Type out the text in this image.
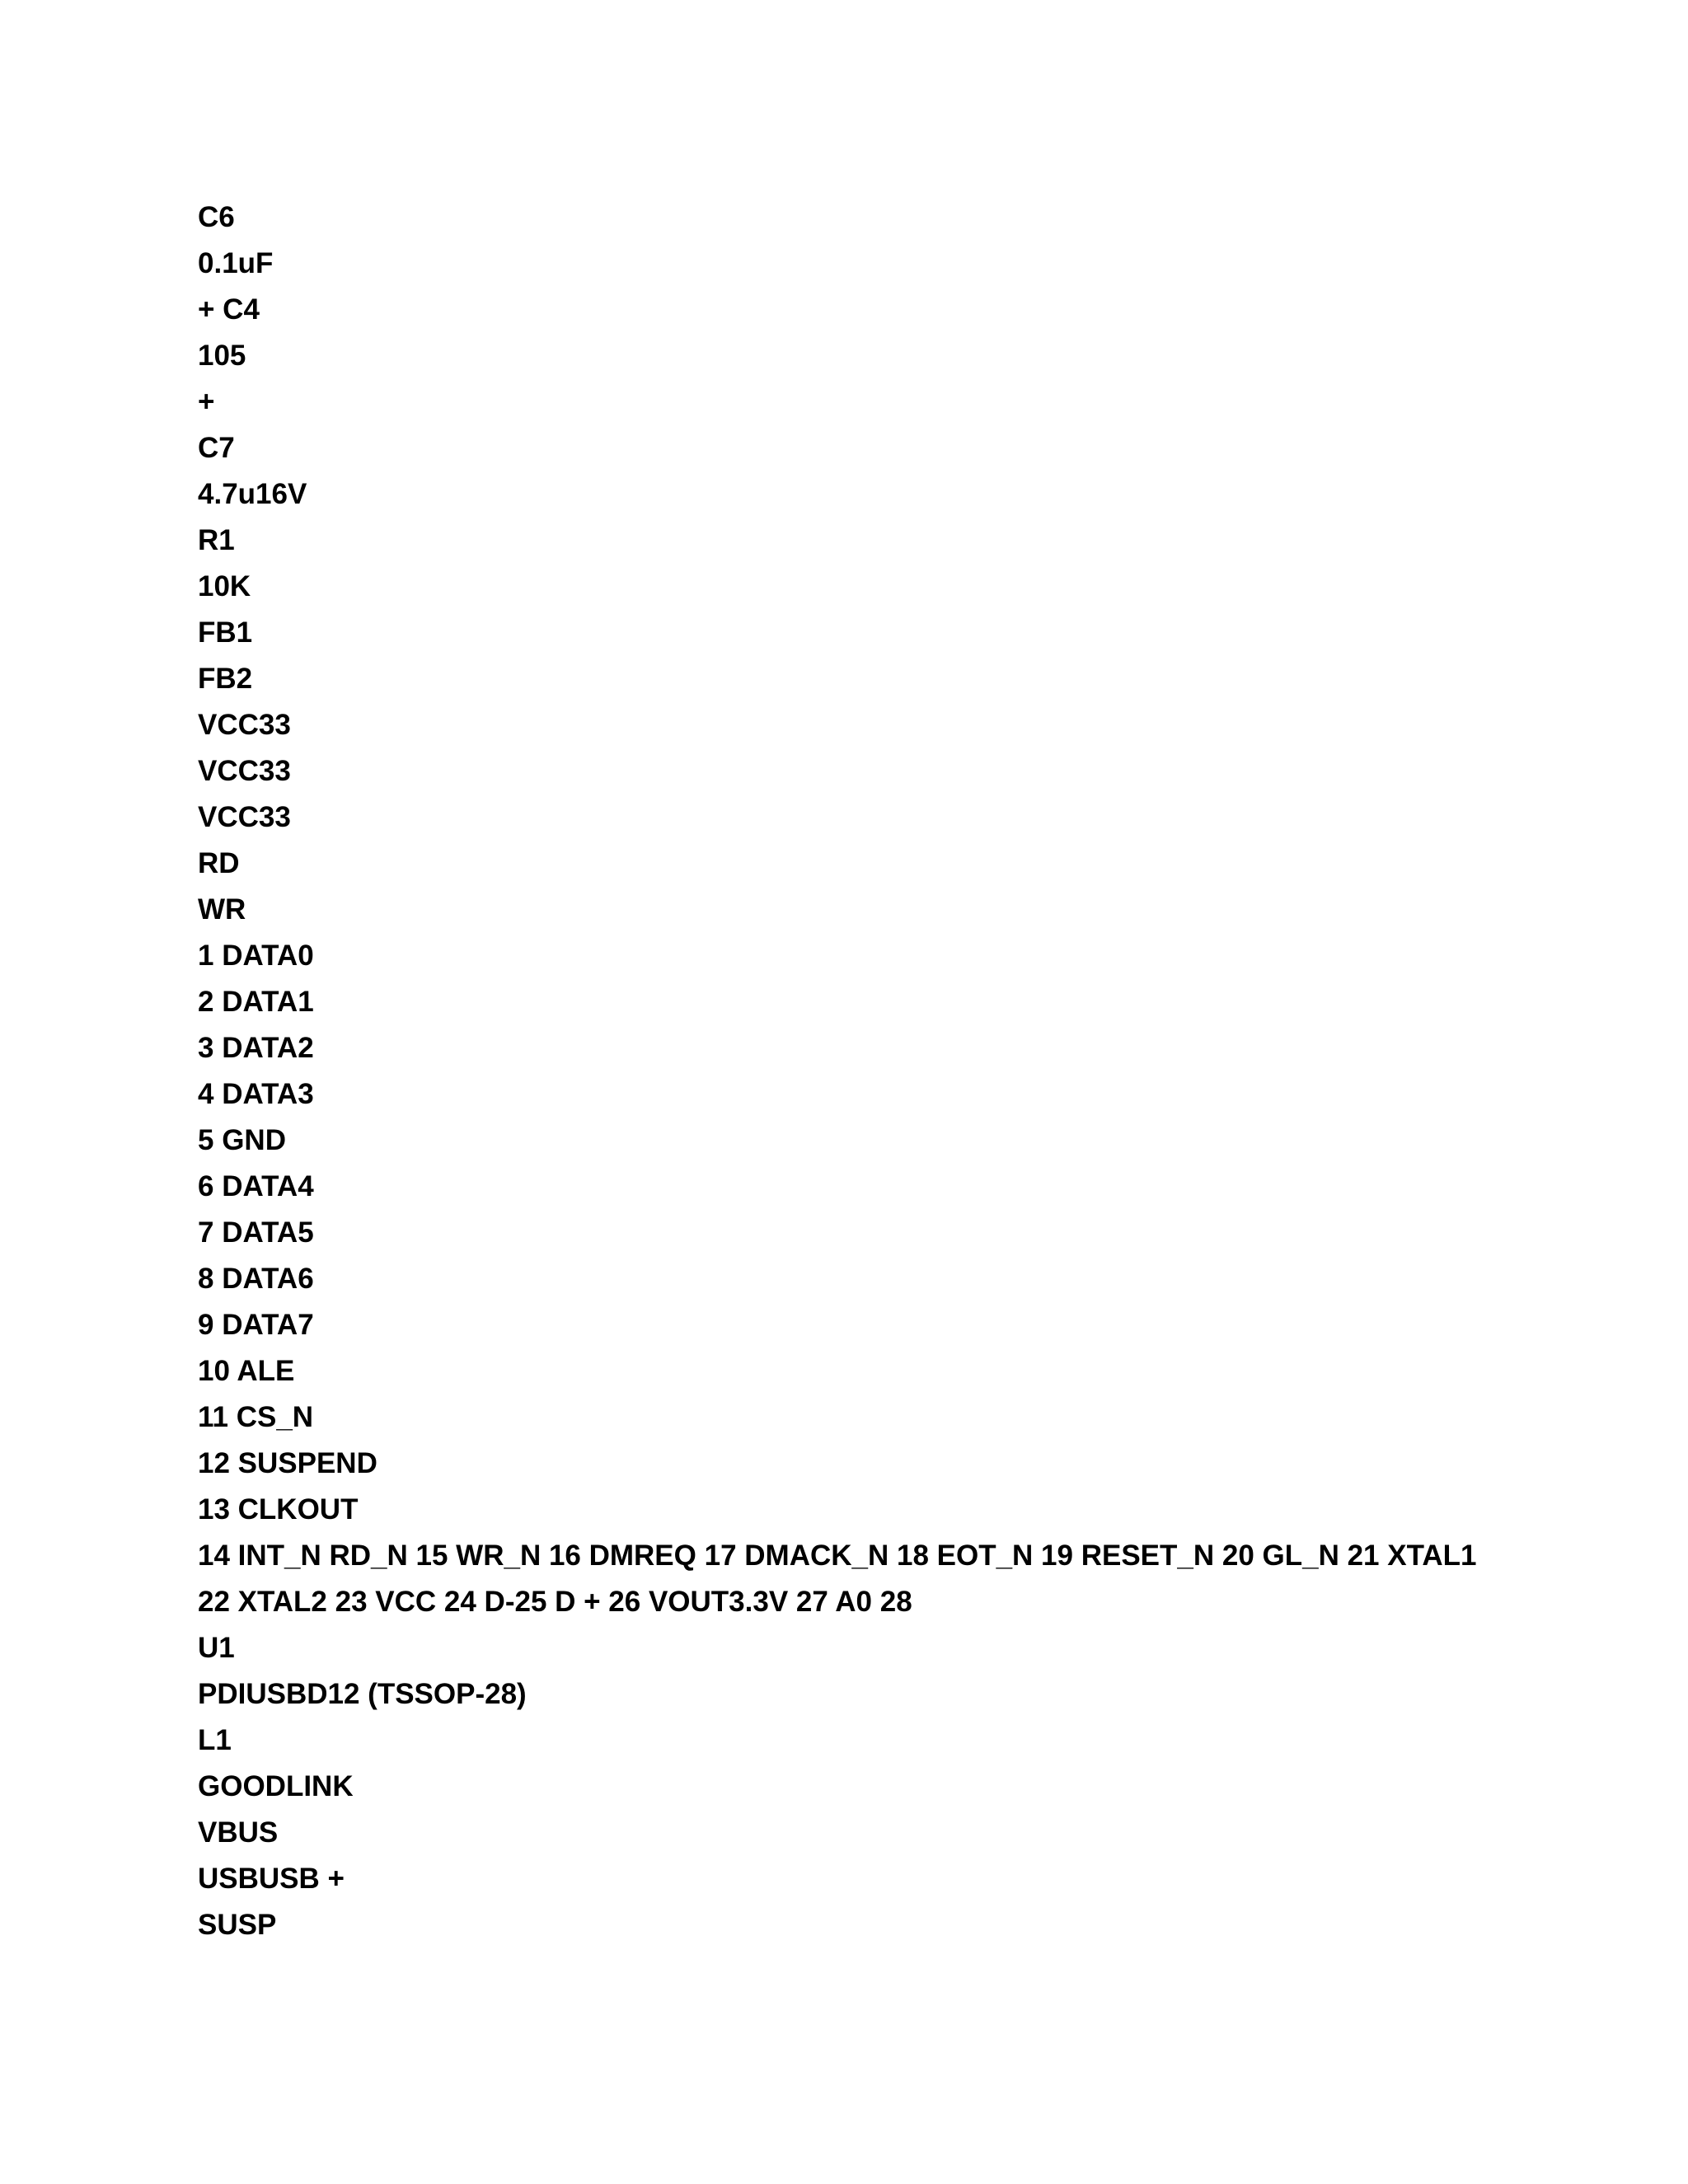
C6
0.1uF
+ C4
105
+
C7
4.7u16V
R1
10K
FB1
FB2
VCC33
VCC33
VCC33
RD
WR
1 DATA0
2 DATA1
3 DATA2
4 DATA3
5 GND
6 DATA4
7 DATA5
8 DATA6
9 DATA7
10 ALE
11 CS_N
12 SUSPEND
13 CLKOUT
14 INT_N RD_N 15 WR_N 16 DMREQ 17 DMACK_N 18 EOT_N 19 RESET_N 20 GL_N 21 XTAL1
22 XTAL2 23 VCC 24 D-25 D + 26 VOUT3.3V 27 A0 28
U1
PDIUSBD12 (TSSOP-28)
L1
GOODLINK
VBUS
USBUSB +
SUSP
